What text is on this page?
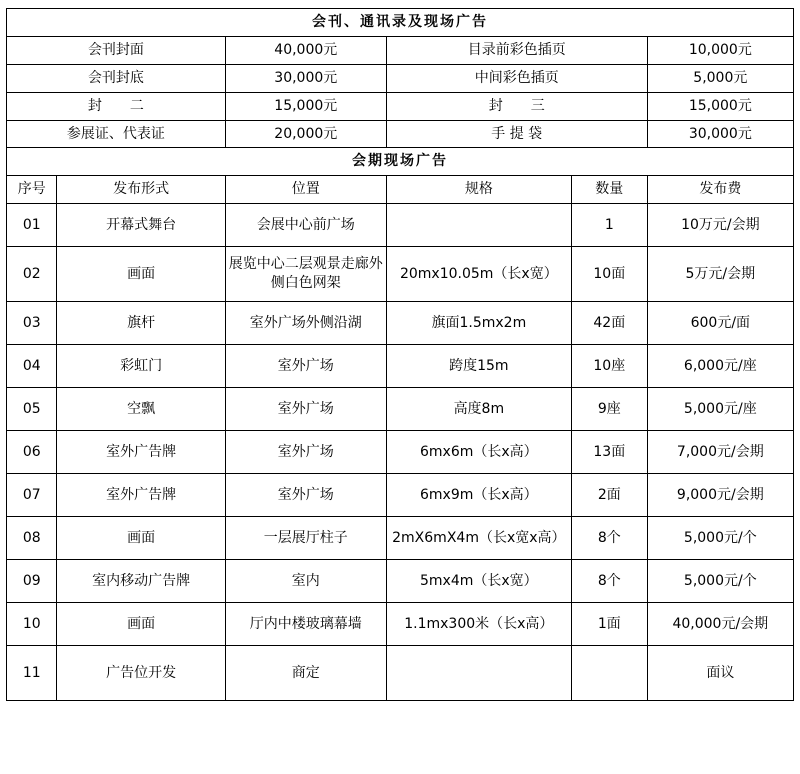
会刊、通讯录及现场广告					
会刊封面		40,000元	目录前彩色插页		10,000元
会刊封底		30,000元	中间彩色插页		5,000元
封　　二		15,000元	封　　三		15,000元
参展证、代表证		20,000元	手 提 袋		30,000元
会期现场广告					
序号	发布形式	位置	规格	数量	发布费
01	开幕式舞台	会展中心前广场		1	10万元/会期
02	画面	展览中心二层观景走廊外侧白色网架	20mx10.05m（长x宽）	10面	5万元/会期
03	旗杆	室外广场外侧沿湖	旗面1.5mx2m	42面	600元/面
04	彩虹门	室外广场	跨度15m	10座	6,000元/座
05	空飘	室外广场	高度8m	9座	5,000元/座
06	室外广告牌	室外广场	6mx6m（长x高）	13面	7,000元/会期
07	室外广告牌	室外广场	6mx9m（长x高）	2面	9,000元/会期
08	画面	一层展厅柱子	2mX6mX4m（长x宽x高）	8个	5,000元/个
09	室内移动广告牌	室内	5mx4m（长x宽）	8个	5,000元/个
10	画面	厅内中楼玻璃幕墙	1.1mx300米（长x高）	1面	40,000元/会期
11	广告位开发	商定			面议
